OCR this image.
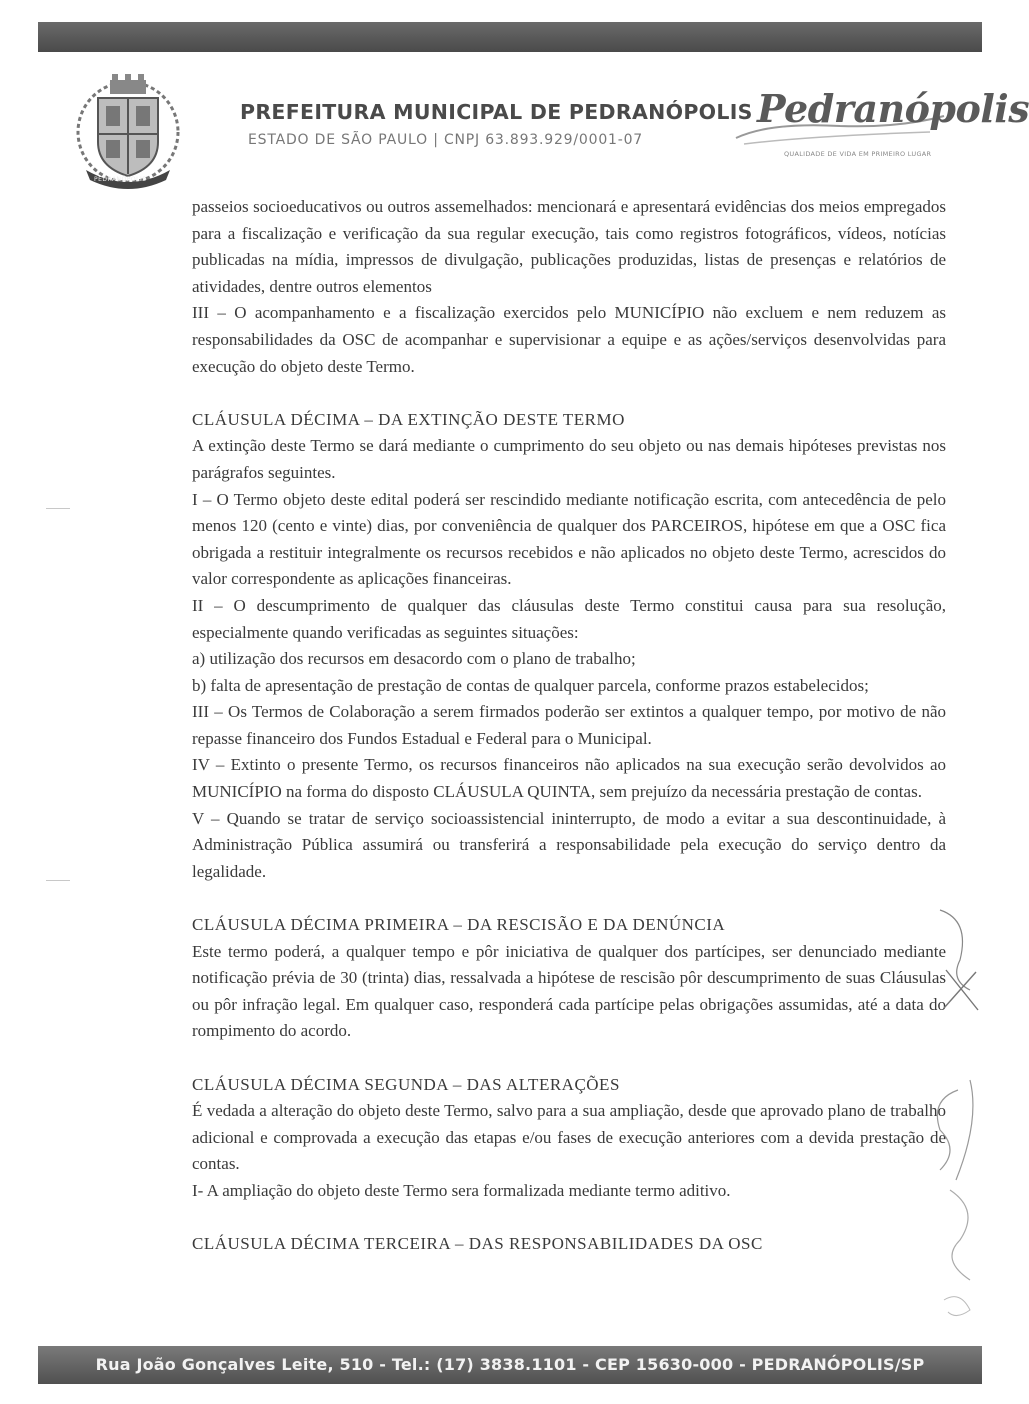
PEDRANÓPOLIS
PREFEITURA MUNICIPAL DE PEDRANÓPOLIS
ESTADO DE SÃO PAULO | CNPJ 63.893.929/0001-07
Pedranópolis
QUALIDADE DE VIDA EM PRIMEIRO LUGAR

passeios socioeducativos ou outros assemelhados: mencionará e apresentará evidências dos meios empregados para a fiscalização e verificação da sua regular execução, tais como registros fotográficos, vídeos, notícias publicadas na mídia, impressos de divulgação, publicações produzidas, listas de presenças e relatórios de atividades, dentre outros elementos

III – O acompanhamento e a fiscalização exercidos pelo MUNICÍPIO não excluem e nem reduzem as responsabilidades da OSC de acompanhar e supervisionar a equipe e as ações/serviços desenvolvidas para execução do objeto deste Termo.

CLÁUSULA DÉCIMA – DA EXTINÇÃO DESTE TERMO

A extinção deste Termo se dará mediante o cumprimento do seu objeto ou nas demais hipóteses previstas nos parágrafos seguintes.

I – O Termo objeto deste edital poderá ser rescindido mediante notificação escrita, com antecedência de pelo menos 120 (cento e vinte) dias, por conveniência de qualquer dos PARCEIROS, hipótese em que a OSC fica obrigada a restituir integralmente os recursos recebidos e não aplicados no objeto deste Termo, acrescidos do valor correspondente as aplicações financeiras.

II – O descumprimento de qualquer das cláusulas deste Termo constitui causa para sua resolução, especialmente quando verificadas as seguintes situações:

a) utilização dos recursos em desacordo com o plano de trabalho;

b) falta de apresentação de prestação de contas de qualquer parcela, conforme prazos estabelecidos;

III – Os Termos de Colaboração a serem firmados poderão ser extintos a qualquer tempo, por motivo de não repasse financeiro dos Fundos Estadual e Federal para o Municipal.

IV – Extinto o presente Termo, os recursos financeiros não aplicados na sua execução serão devolvidos ao MUNICÍPIO na forma do disposto CLÁUSULA QUINTA, sem prejuízo da necessária prestação de contas.

V – Quando se tratar de serviço socioassistencial ininterrupto, de modo a evitar a sua descontinuidade, à Administração Pública assumirá ou transferirá a responsabilidade pela execução do serviço dentro da legalidade.

CLÁUSULA DÉCIMA PRIMEIRA – DA RESCISÃO E DA DENÚNCIA

Este termo poderá, a qualquer tempo e pôr iniciativa de qualquer dos partícipes, ser denunciado mediante notificação prévia de 30 (trinta) dias, ressalvada a hipótese de rescisão pôr descumprimento de suas Cláusulas ou pôr infração legal. Em qualquer caso, responderá cada partícipe pelas obrigações assumidas, até a data do rompimento do acordo.

CLÁUSULA DÉCIMA SEGUNDA – DAS ALTERAÇÕES

É vedada a alteração do objeto deste Termo, salvo para a sua ampliação, desde que aprovado plano de trabalho adicional e comprovada a execução das etapas e/ou fases de execução anteriores com a devida prestação de contas.

I- A ampliação do objeto deste Termo sera formalizada mediante termo aditivo.

CLÁUSULA DÉCIMA TERCEIRA – DAS RESPONSABILIDADES DA OSC

Rua João Gonçalves Leite, 510 - Tel.: (17) 3838.1101 - CEP 15630-000 - PEDRANÓPOLIS/SP
